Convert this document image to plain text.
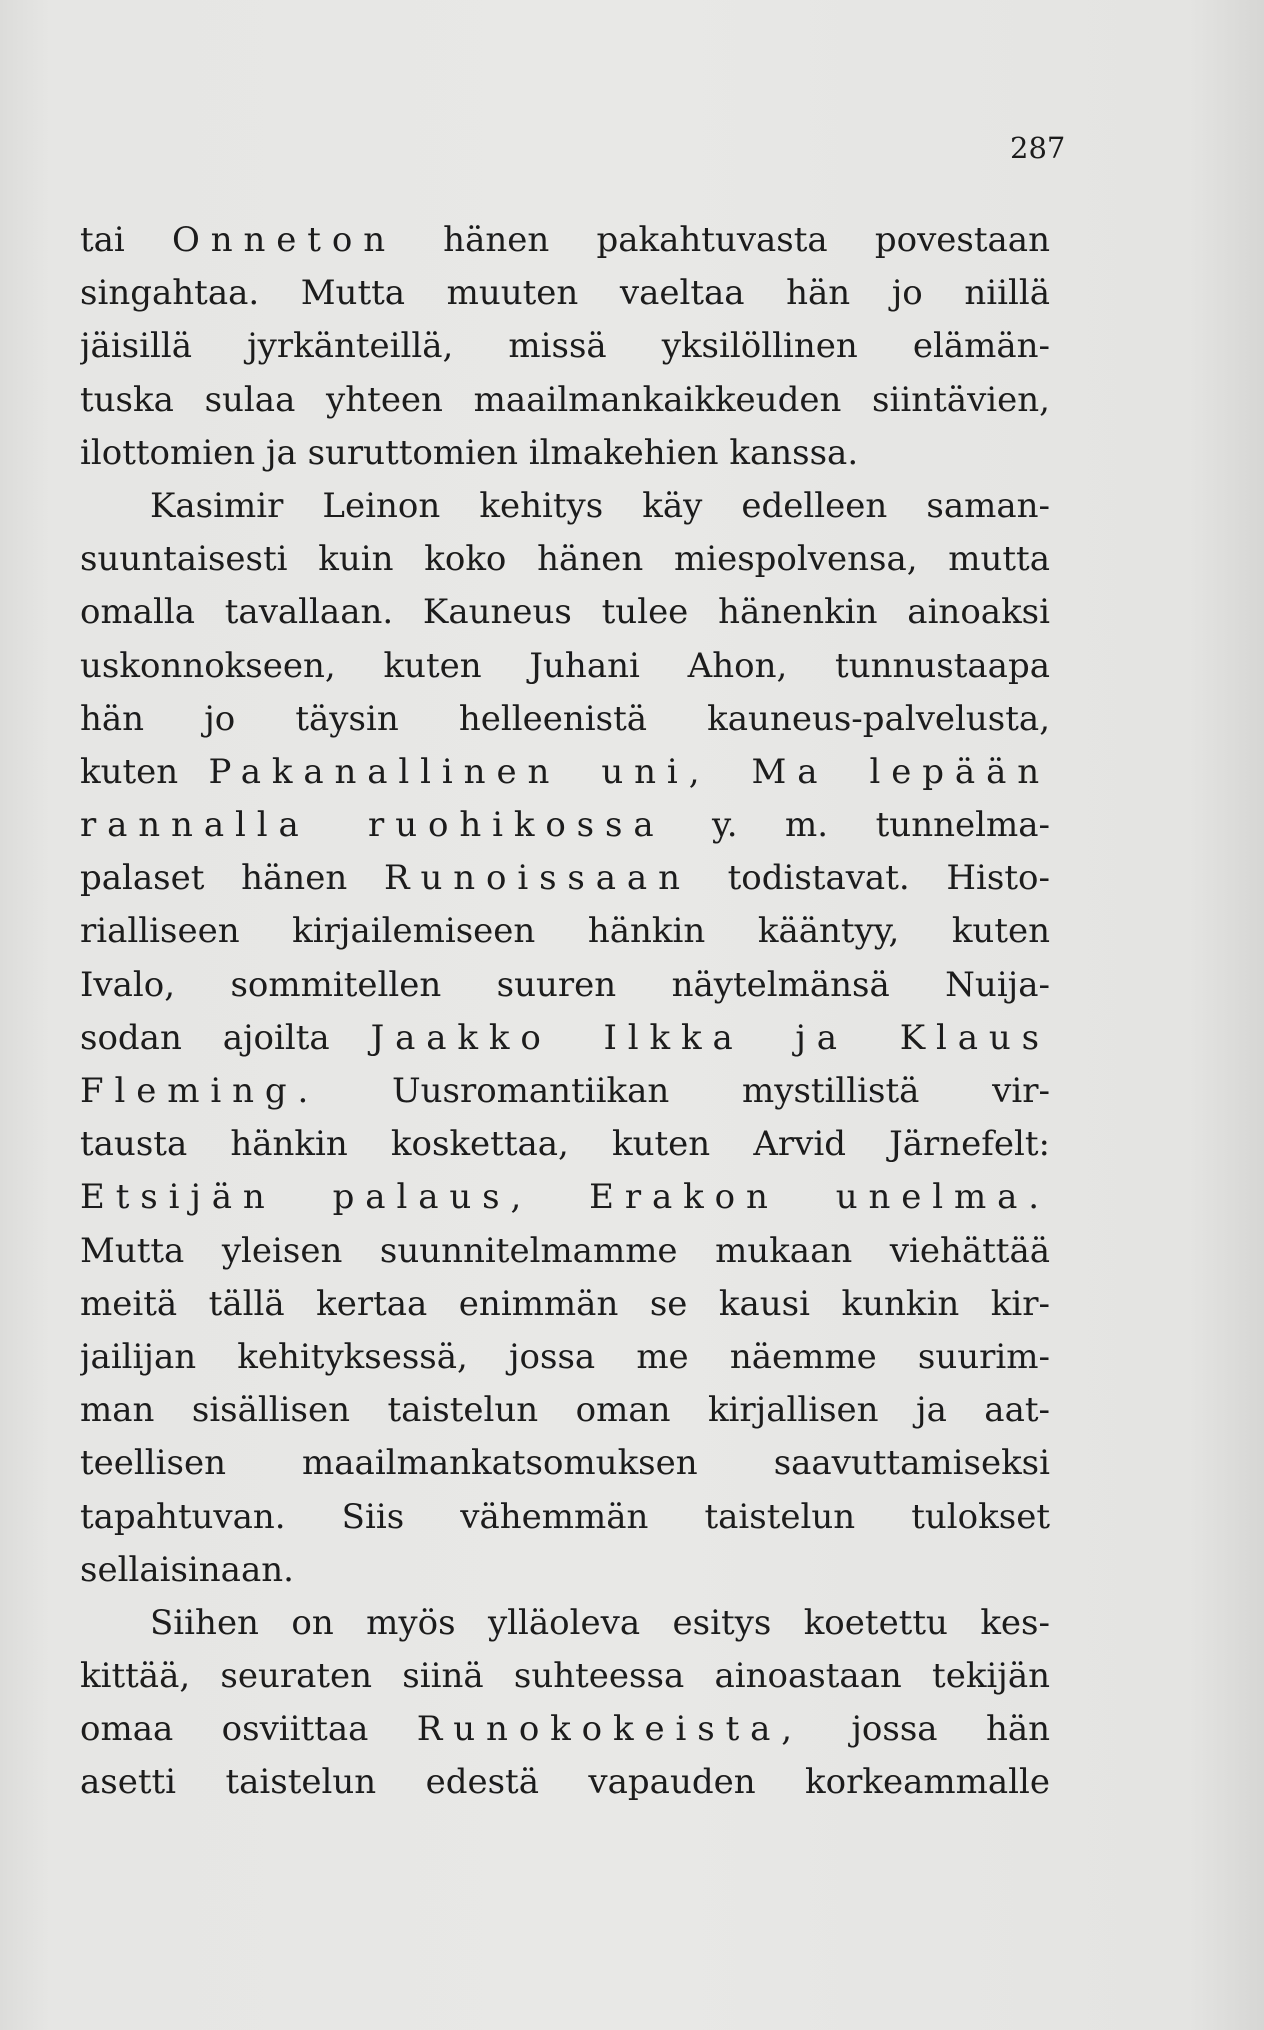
287
tai Onneton hänen pakahtuvasta povestaan
singahtaa. Mutta muuten vaeltaa hän jo niillä
jäisillä jyrkänteillä, missä yksilöllinen elämän-
tuska sulaa yhteen maailmankaikkeuden siintävien,
ilottomien ja suruttomien ilmakehien kanssa.
Kasimir Leinon kehitys käy edelleen saman-
suuntaisesti kuin koko hänen miespolvensa, mutta
omalla tavallaan. Kauneus tulee hänenkin ainoaksi
uskonnokseen, kuten Juhani Ahon, tunnustaapa
hän jo täysin helleenistä kauneus-palvelusta,
kuten Pakanallinen uni, Ma lepään
rannalla ruohikossa y. m. tunnelma-
palaset hänen Runoissaan todistavat. Histo-
rialliseen kirjailemiseen hänkin kääntyy, kuten
Ivalo, sommitellen suuren näytelmänsä Nuija-
sodan ajoilta Jaakko Ilkka ja Klaus
Fleming. Uusromantiikan mystillistä vir-
tausta hänkin koskettaa, kuten Arvid Järnefelt:
Etsijän palaus, Erakon unelma.
Mutta yleisen suunnitelmamme mukaan viehättää
meitä tällä kertaa enimmän se kausi kunkin kir-
jailijan kehityksessä, jossa me näemme suurim-
man sisällisen taistelun oman kirjallisen ja aat-
teellisen maailmankatsomuksen saavuttamiseksi
tapahtuvan. Siis vähemmän taistelun tulokset
sellaisinaan.
Siihen on myös ylläoleva esitys koetettu kes-
kittää, seuraten siinä suhteessa ainoastaan tekijän
omaa osviittaa Runokokeista, jossa hän
asetti taistelun edestä vapauden korkeammalle
